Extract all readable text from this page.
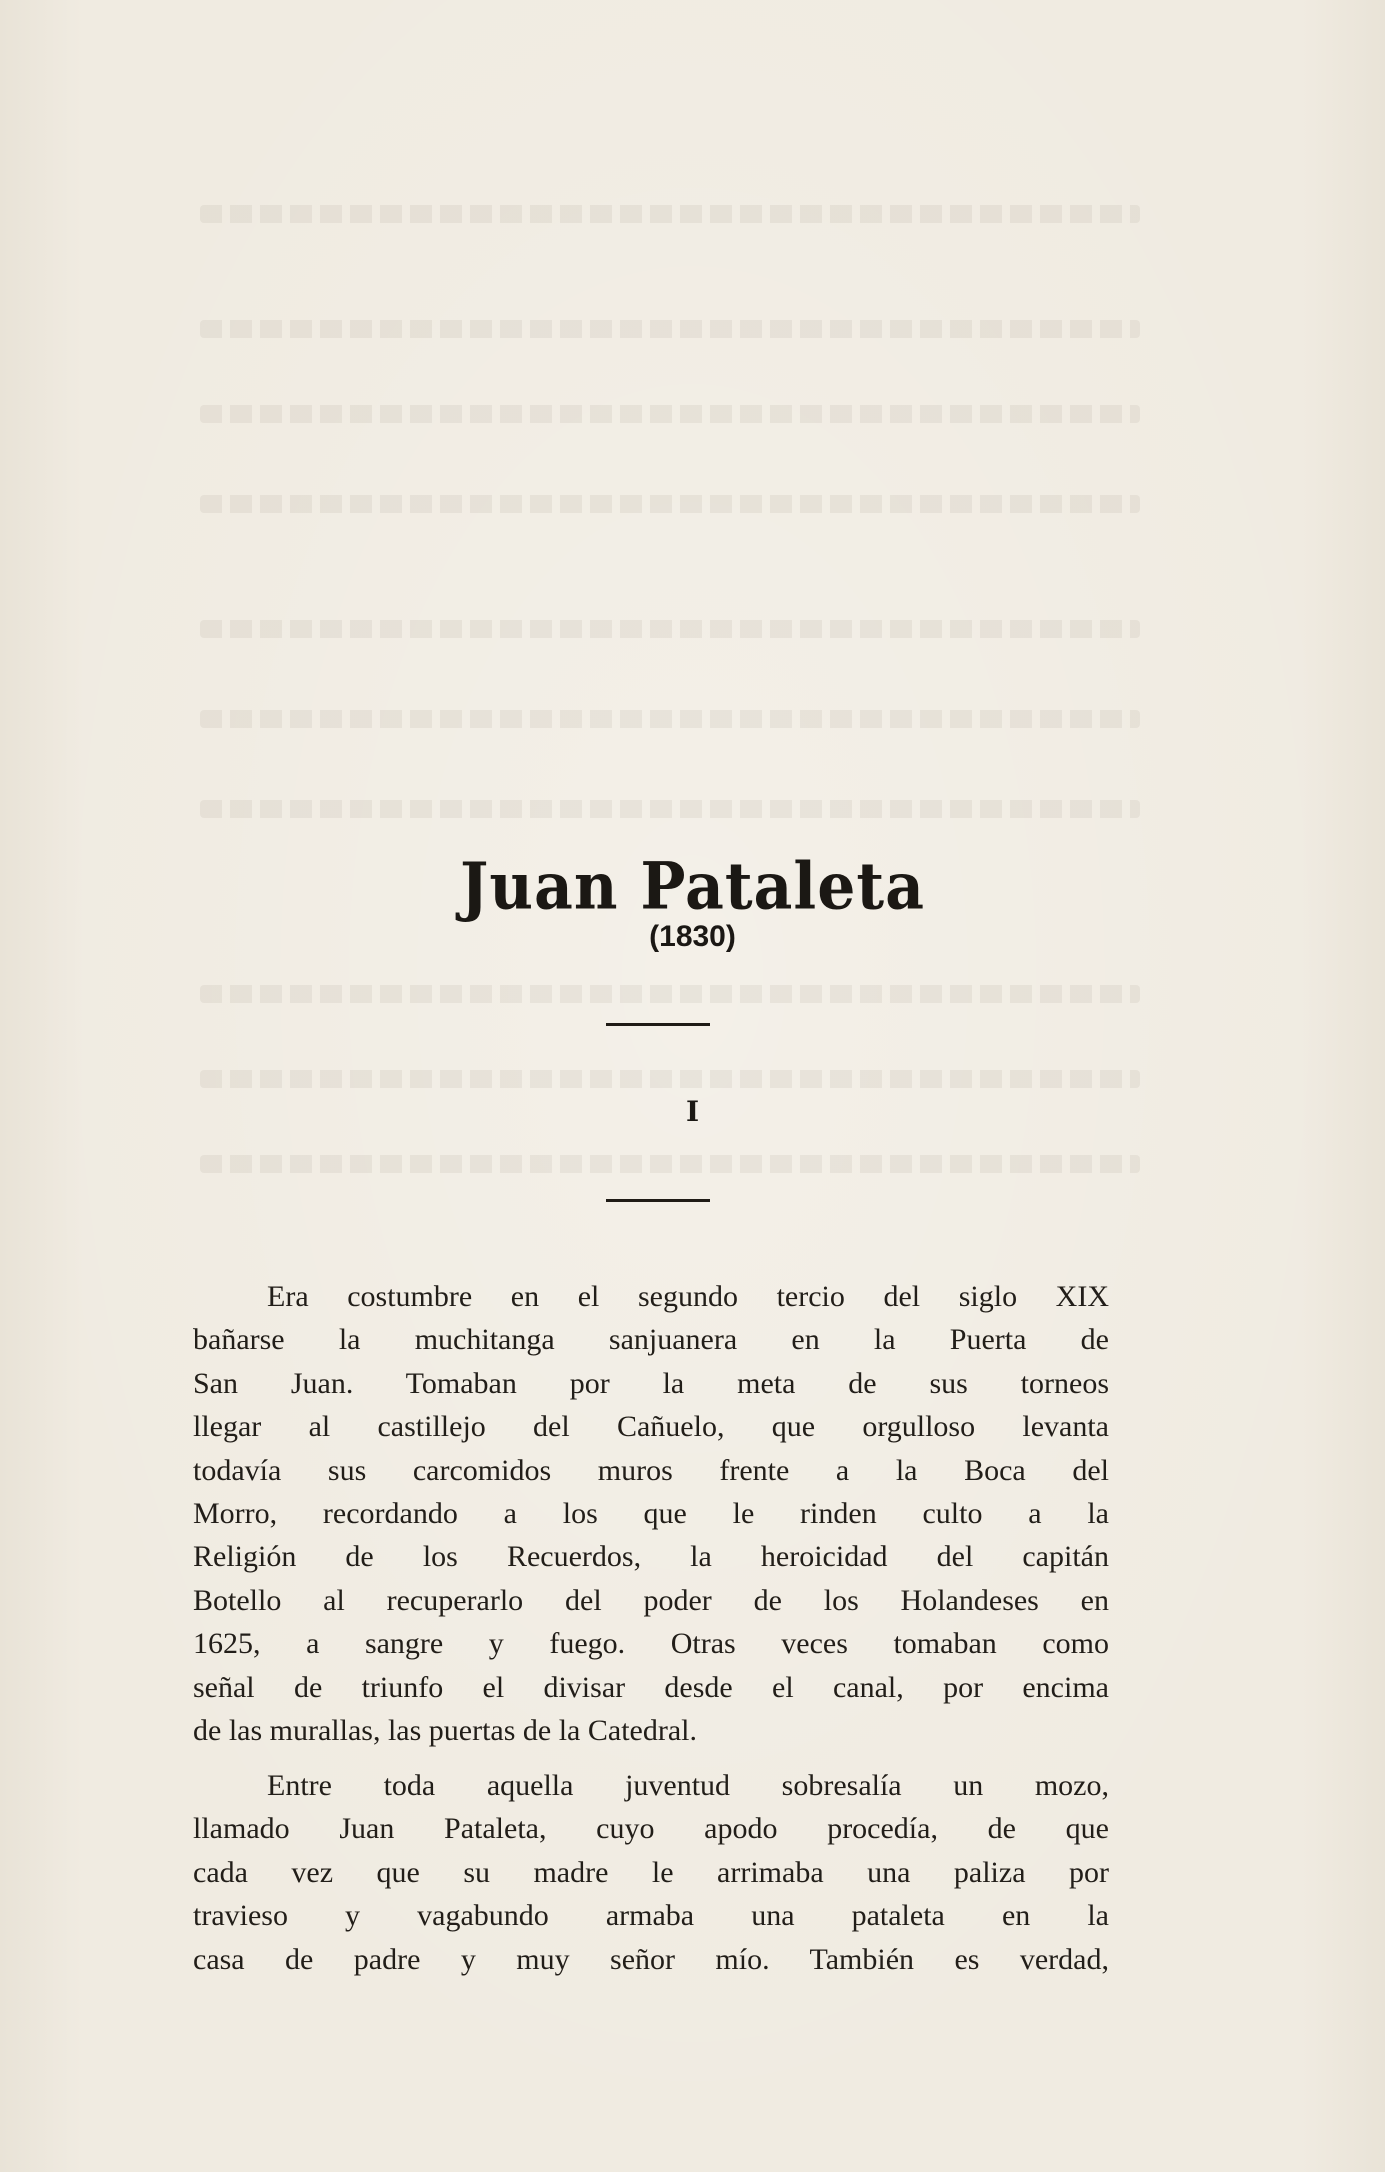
Juan Pataleta
(1830)
I
Era costumbre en el segundo tercio del siglo XIX
bañarse la muchitanga sanjuanera en la Puerta de
San Juan. Tomaban por la meta de sus torneos
llegar al castillejo del Cañuelo, que orgulloso levanta
todavía sus carcomidos muros frente a la Boca del
Morro, recordando a los que le rinden culto a la
Religión de los Recuerdos, la heroicidad del capitán
Botello al recuperarlo del poder de los Holandeses en
1625, a sangre y fuego. Otras veces tomaban como
señal de triunfo el divisar desde el canal, por encima
de las murallas, las puertas de la Catedral.
Entre toda aquella juventud sobresalía un mozo,
llamado Juan Pataleta, cuyo apodo procedía, de que
cada vez que su madre le arrimaba una paliza por
travieso y vagabundo armaba una pataleta en la
casa de padre y muy señor mío. También es verdad,
